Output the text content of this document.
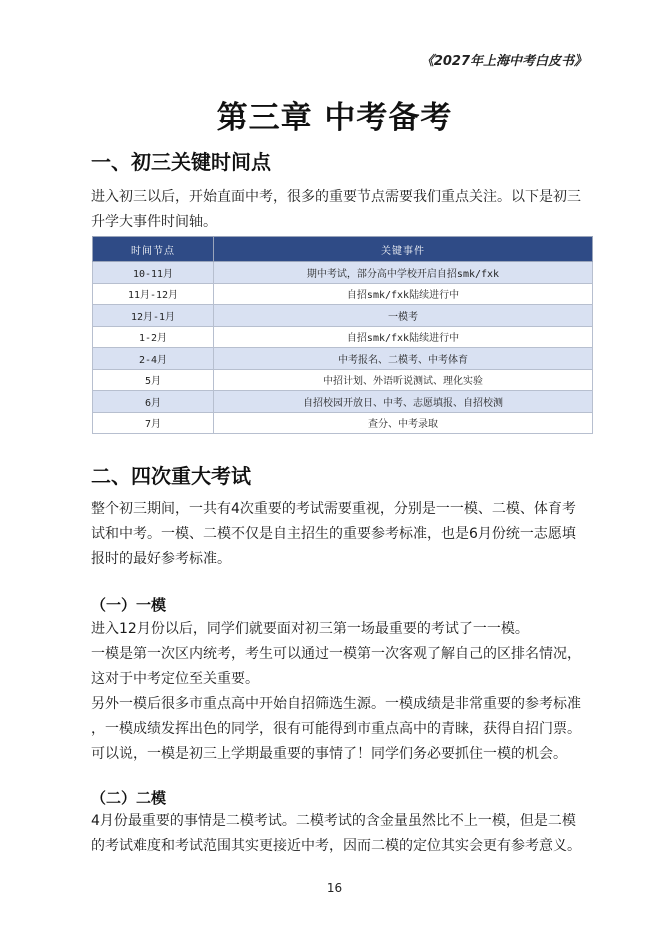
《2027年上海中考白皮书》
第三章 中考备考
一、初三关键时间点

进入初三以后，开始直面中考，很多的重要节点需要我们重点关注。以下是初三

升学大事件时间轴。

时间节点	关键事件
10-11月	期中考试，部分高中学校开启自招smk/fxk
11月-12月	自招smk/fxk陆续进行中
12月-1月	一模考
1-2月	自招smk/fxk陆续进行中
2-4月	中考报名、二模考、中考体育
5月	中招计划、外语听说测试、理化实验
6月	自招校园开放日、中考、志愿填报、自招校测
7月	查分、中考录取
二、四次重大考试

整个初三期间，一共有4次重要的考试需要重视，分别是一一模、二模、体育考

试和中考。一模、二模不仅是自主招生的重要参考标准，也是6月份统一志愿填

报时的最好参考标准。

（一）一模

进入12月份以后，同学们就要面对初三第一场最重要的考试了一一模。

一模是第一次区内统考，考生可以通过一模第一次客观了解自己的区排名情况，

这对于中考定位至关重要。

另外一模后很多市重点高中开始自招筛选生源。一模成绩是非常重要的参考标准

，一模成绩发挥出色的同学，很有可能得到市重点高中的青睐，获得自招门票。

可以说，一模是初三上学期最重要的事情了！同学们务必要抓住一模的机会。

（二）二模

4月份最重要的事情是二模考试。二模考试的含金量虽然比不上一模，但是二模

的考试难度和考试范围其实更接近中考，因而二模的定位其实会更有参考意义。

16
